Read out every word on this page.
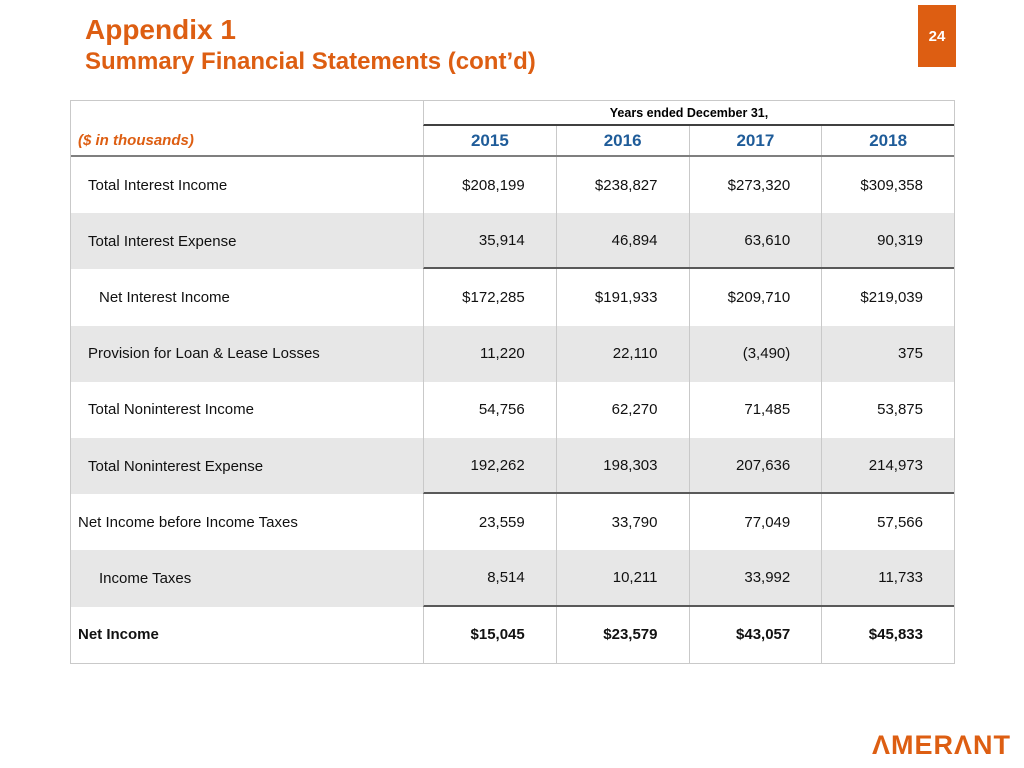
Appendix 1
Summary Financial Statements (cont’d)
24
Years ended December 31,
($ in thousands)	2015	2016	2017	2018
Total Interest Income	$208,199	$238,827	$273,320	$309,358
Total Interest Expense	35,914	46,894	63,610	90,319
Net Interest Income	$172,285	$191,933	$209,710	$219,039
Provision for Loan & Lease Losses	11,220	22,110	(3,490)	375
Total Noninterest Income	54,756	62,270	71,485	53,875
Total Noninterest Expense	192,262	198,303	207,636	214,973
Net Income before Income Taxes	23,559	33,790	77,049	57,566
Income Taxes	8,514	10,211	33,992	11,733
Net Income	$15,045	$23,579	$43,057	$45,833
ΛMERΛNT
